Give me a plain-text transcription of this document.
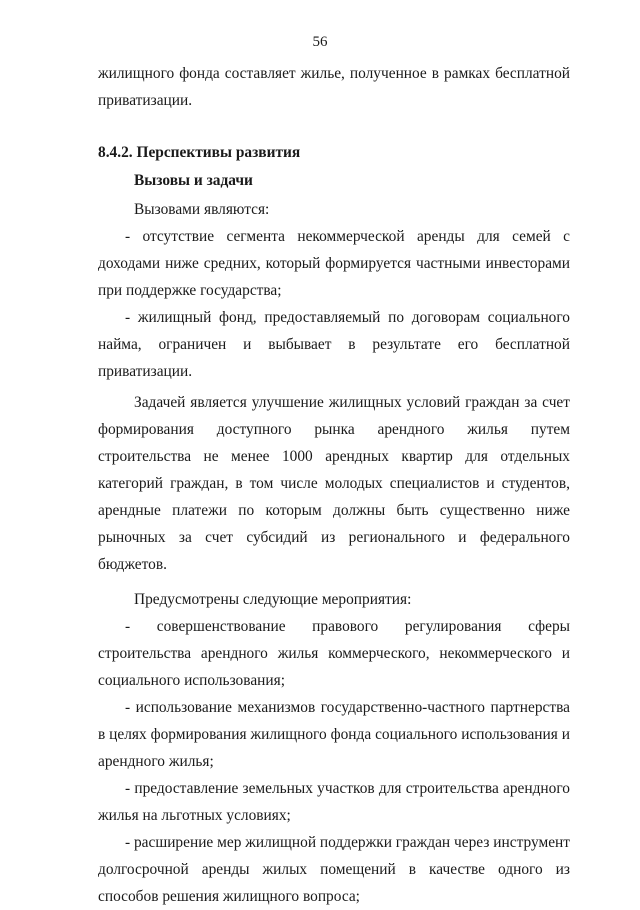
56

жилищного фонда составляет жилье, полученное в рамках бесплатной приватизации.

8.4.2. Перспективы развития

Вызовы и задачи

Вызовами являются:

- отсутствие сегмента некоммерческой аренды для семей с доходами ниже средних, который формируется частными инвесторами при поддержке государства;

- жилищный фонд, предоставляемый по договорам социального найма, ограничен и выбывает в результате его бесплатной приватизации.

Задачей является улучшение жилищных условий граждан за счет формирования доступного рынка арендного жилья путем строительства не менее 1000 арендных квартир для отдельных категорий граждан, в том числе молодых специалистов и студентов, арендные платежи по которым должны быть существенно ниже рыночных за счет субсидий из регионального и федерального бюджетов.

Предусмотрены следующие мероприятия:

- совершенствование правового регулирования сферы строительства арендного жилья коммерческого, некоммерческого и социального использования;

- использование механизмов государственно-частного партнерства в целях формирования жилищного фонда социального использования и арендного жилья;

- предоставление земельных участков для строительства арендного жилья на льготных условиях;

- расширение мер жилищной поддержки граждан через инструмент долгосрочной аренды жилых помещений в качестве одного из способов решения жилищного вопроса;
